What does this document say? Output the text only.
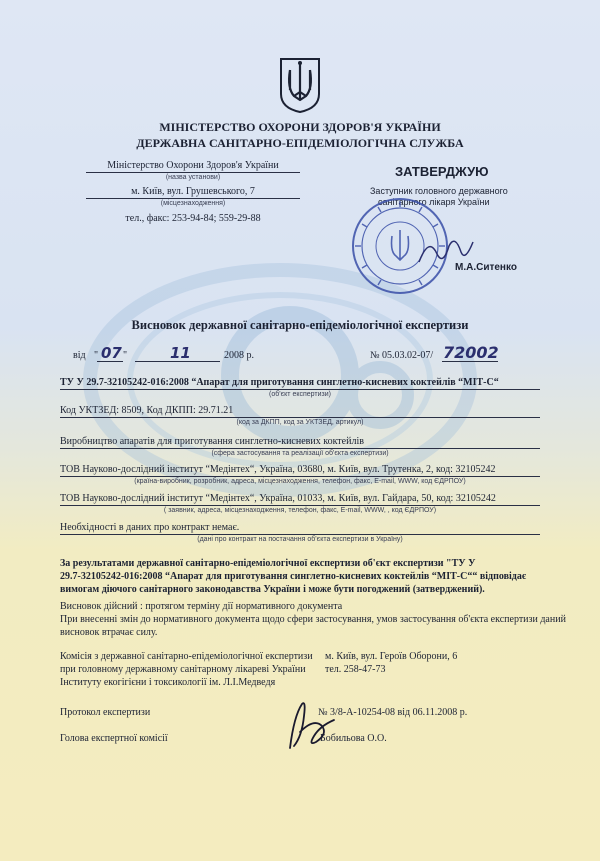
МІНІСТЕРСТВО ОХОРОНИ ЗДОРОВ'Я УКРАЇНИ
ДЕРЖАВНА САНІТАРНО-ЕПІДЕМІОЛОГІЧНА СЛУЖБА
Міністерство Охорони Здоров'я України
(назва установи)
м. Київ, вул. Грушевського, 7
(місцезнаходження)
тел., факс: 253-94-84; 559-29-88
ЗАТВЕРДЖУЮ
Заступник головного державного
санітарного лікаря України
М.А.Ситенко
Висновок державної санітарно-епідеміологічної експертизи
від " 07 "	11	2008 р.	№ 05.03.02-07/ 72002
ТУ У 29.7-32105242-016:2008 “Апарат для приготування синглетно-кисневих коктейлів “МІТ-С“
(об'єкт експертизи)
Код УКТЗЕД: 8509, Код ДКПП: 29.71.21
(код за ДКПП, код за УКТЗЕД, артикул)
Виробництво апаратів для приготування синглетно-кисневих коктейлів
(сфера застосування та реалізації об'єкта експертизи)
ТОВ Науково-дослідний інститут “Медінтех“, Україна, 03680, м. Київ, вул. Трутенка, 2, код: 32105242
(країна-виробник, розробник, адреса, місцезнаходження, телефон, факс, E-mail, WWW, код ЄДРПОУ)
ТОВ Науково-дослідний інститут “Медінтех“, Україна, 01033, м. Київ, вул. Гайдара, 50, код: 32105242
( заявник, адреса, місцезнаходження, телефон, факс, E-mail, WWW, , код ЄДРПОУ)
Необхідності в даних про контракт немає.
(дані про контракт на постачання об'єкта експертизи в Україну)
За результатами державної санітарно-епідеміологічної експертизи об'єкт експертизи "ТУ У
29.7-32105242-016:2008 “Апарат для приготування синглетно-кисневих коктейлів “МІТ-С““ відповідає
вимогам діючого санітарного законодавства України і може бути погоджений (затверджений).
Висновок дійсний : протягом терміну дії нормативного документа
При внесенні змін до нормативного документа щодо сфери застосування, умов застосування об'єкта експертизи даний
висновок втрачає силу.
Комісія з державної санітарно-епідеміологічної експертизи
при головному державному санітарному лікареві України
Інституту екогігієни і токсикології ім. Л.І.Медведя
м. Київ, вул. Героїв Оборони, 6
тел. 258-47-73
Протокол експертизи	№ 3/8-А-10254-08 від 06.11.2008 р.
Голова експертної комісії	Бобильова О.О.
